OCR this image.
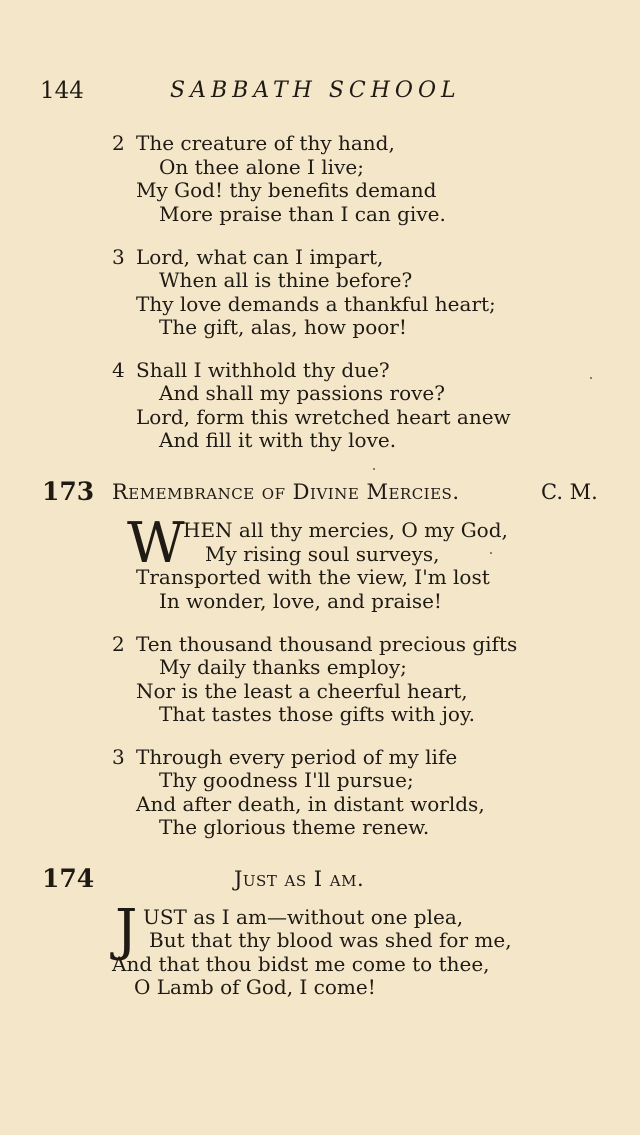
144	SABBATH SCHOOL
2 The creature of thy hand,
On thee alone I live;
My God! thy benefits demand
More praise than I can give.
3 Lord, what can I impart,
When all is thine before?
Thy love demands a thankful heart;
The gift, alas, how poor!
4 Shall I withhold thy due?
And shall my passions rove?
Lord, form this wretched heart anew
And fill it with thy love.
173 Remembrance of Divine Mercies.	C. M.
W
HEN all thy mercies, O my God,
My rising soul surveys,
Transported with the view, I'm lost
In wonder, love, and praise!
2 Ten thousand thousand precious gifts
My daily thanks employ;
Nor is the least a cheerful heart,
That tastes those gifts with joy.
3 Through every period of my life
Thy goodness I'll pursue;
And after death, in distant worlds,
The glorious theme renew.
174	Just as I am.
J UST as I am—without one plea,
But that thy blood was shed for me,
And that thou bidst me come to thee,
O Lamb of God, I come!
